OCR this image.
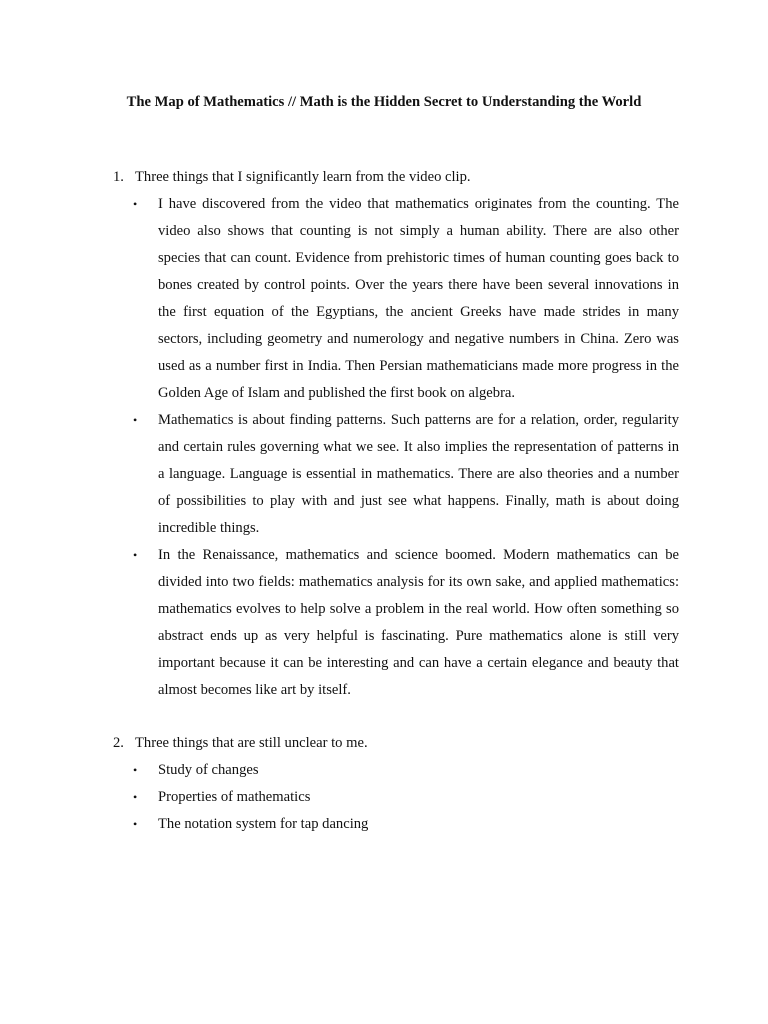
The Map of Mathematics // Math is the Hidden Secret to Understanding the World
1. Three things that I significantly learn from the video clip.
•	I have discovered from the video that mathematics originates from the counting. The video also shows that counting is not simply a human ability. There are also other species that can count. Evidence from prehistoric times of human counting goes back to bones created by control points. Over the years there have been several innovations in the first equation of the Egyptians, the ancient Greeks have made strides in many sectors, including geometry and numerology and negative numbers in China. Zero was used as a number first in India. Then Persian mathematicians made more progress in the Golden Age of Islam and published the first book on algebra.
•	Mathematics is about finding patterns. Such patterns are for a relation, order, regularity and certain rules governing what we see. It also implies the representation of patterns in a language. Language is essential in mathematics. There are also theories and a number of possibilities to play with and just see what happens. Finally, math is about doing incredible things.
•	In the Renaissance, mathematics and science boomed. Modern mathematics can be divided into two fields: mathematics analysis for its own sake, and applied mathematics: mathematics evolves to help solve a problem in the real world. How often something so abstract ends up as very helpful is fascinating. Pure mathematics alone is still very important because it can be interesting and can have a certain elegance and beauty that almost becomes like art by itself.
2. Three things that are still unclear to me.
•	Study of changes
•	Properties of mathematics
•	The notation system for tap dancing
